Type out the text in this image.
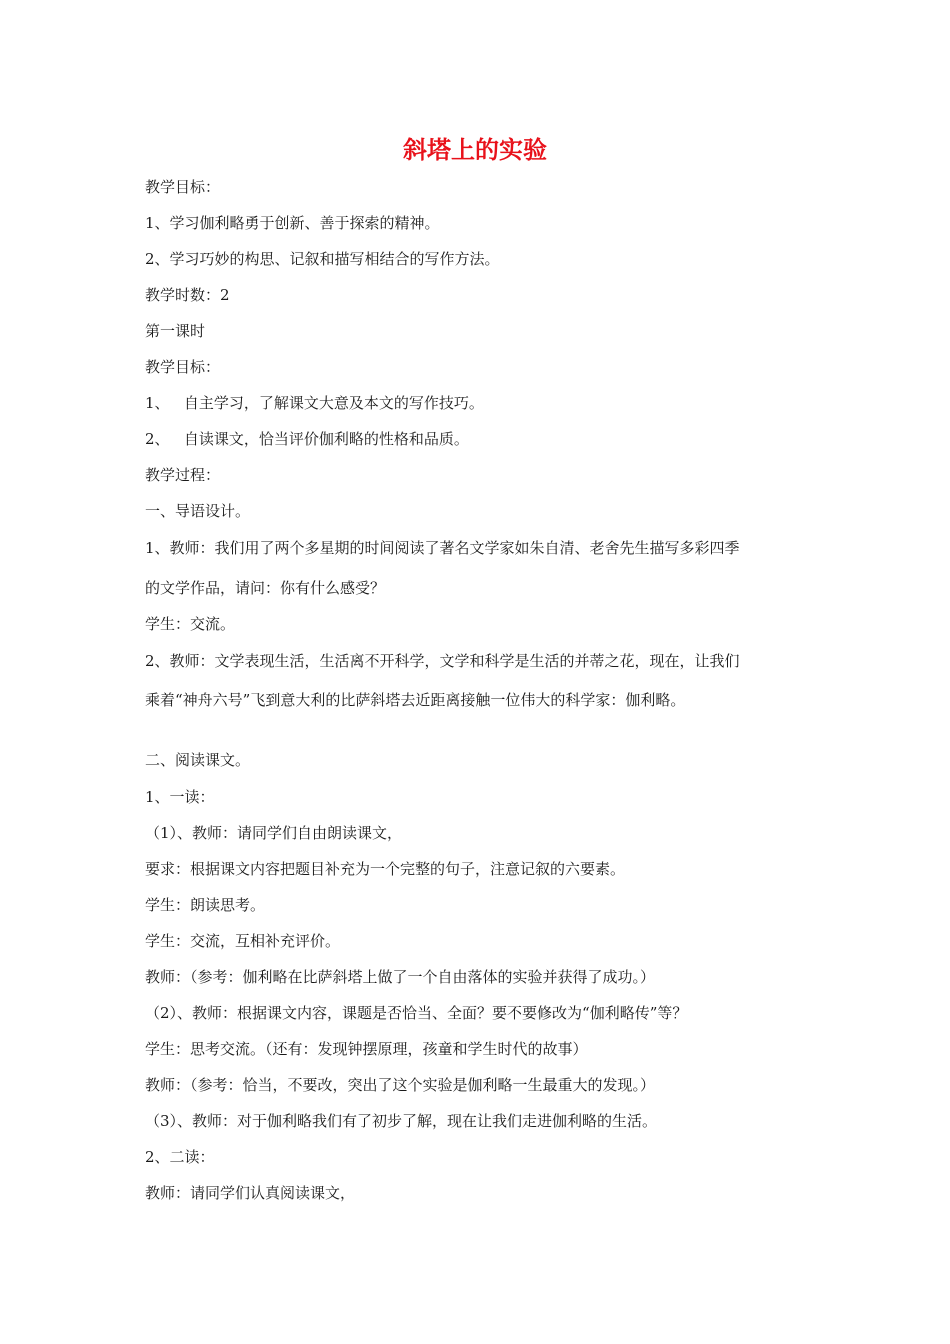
斜塔上的实验
教学目标：
1、学习伽利略勇于创新、善于探索的精神。
2、学习巧妙的构思、记叙和描写相结合的写作方法。
教学时数：2
第一课时
教学目标：
1、   自主学习，了解课文大意及本文的写作技巧。
2、   自读课文，恰当评价伽利略的性格和品质。
教学过程：
一、导语设计。
1、教师：我们用了两个多星期的时间阅读了著名文学家如朱自清、老舍先生描写多彩四季
的文学作品，请问：你有什么感受？
学生：交流。
2、教师：文学表现生活，生活离不开科学，文学和科学是生活的并蒂之花，现在，让我们
乘着“神舟六号”飞到意大利的比萨斜塔去近距离接触一位伟大的科学家：伽利略。
二、阅读课文。
1、一读：
（1）、教师：请同学们自由朗读课文，
要求：根据课文内容把题目补充为一个完整的句子，注意记叙的六要素。
学生：朗读思考。
学生：交流，互相补充评价。
教师：（参考：伽利略在比萨斜塔上做了一个自由落体的实验并获得了成功。）
（2）、教师：根据课文内容，课题是否恰当、全面？要不要修改为“伽利略传”等？
学生：思考交流。（还有：发现钟摆原理，孩童和学生时代的故事）
教师：（参考：恰当，不要改，突出了这个实验是伽利略一生最重大的发现。）
（3）、教师：对于伽利略我们有了初步了解，现在让我们走进伽利略的生活。
2、二读：
教师：请同学们认真阅读课文，
